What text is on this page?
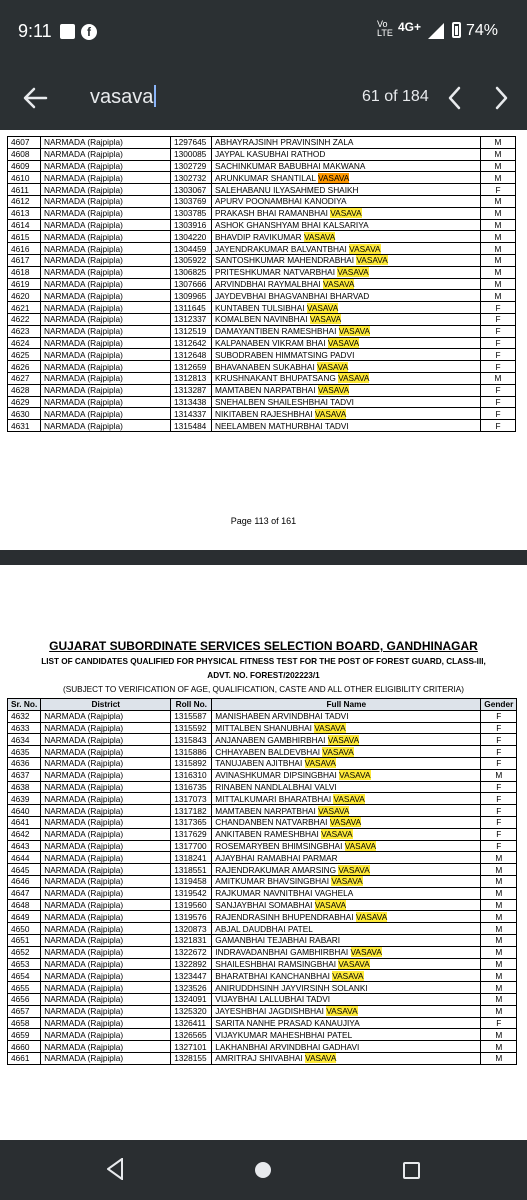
9:11	f
Vo LTE 4G+	74%
vasava	61 of 184
4607	NARMADA (Rajpipla)	1297645	ABHAYRAJSINH PRAVINSINH ZALA	M
4608	NARMADA (Rajpipla)	1300085	JAYPAL KASUBHAI RATHOD	M
4609	NARMADA (Rajpipla)	1302729	SACHINKUMAR BABUBHAI MAKWANA	M
4610	NARMADA (Rajpipla)	1302732	ARUNKUMAR SHANTILAL VASAVA	M
4611	NARMADA (Rajpipla)	1303067	SALEHABANU ILYASAHMED SHAIKH	F
4612	NARMADA (Rajpipla)	1303769	APURV POONAMBHAI KANODIYA	M
4613	NARMADA (Rajpipla)	1303785	PRAKASH BHAI RAMANBHAI VASAVA	M
4614	NARMADA (Rajpipla)	1303916	ASHOK GHANSHYAM BHAI KALSARIYA	M
4615	NARMADA (Rajpipla)	1304220	BHAVDIP RAVIKUMAR VASAVA	M
4616	NARMADA (Rajpipla)	1304459	JAYENDRAKUMAR BALVANTBHAI VASAVA	M
4617	NARMADA (Rajpipla)	1305922	SANTOSHKUMAR MAHENDRABHAI VASAVA	M
4618	NARMADA (Rajpipla)	1306825	PRITESHKUMAR NATVARBHAI VASAVA	M
4619	NARMADA (Rajpipla)	1307666	ARVINDBHAI RAYMALBHAI VASAVA	M
4620	NARMADA (Rajpipla)	1309965	JAYDEVBHAI BHAGVANBHAI BHARVAD	M
4621	NARMADA (Rajpipla)	1311645	KUNTABEN TULSIBHAI VASAVA	F
4622	NARMADA (Rajpipla)	1312337	KOMALBEN NAVINBHAI VASAVA	F
4623	NARMADA (Rajpipla)	1312519	DAMAYANTIBEN RAMESHBHAI VASAVA	F
4624	NARMADA (Rajpipla)	1312642	KALPANABEN VIKRAM BHAI VASAVA	F
4625	NARMADA (Rajpipla)	1312648	SUBODRABEN HIMMATSING PADVI	F
4626	NARMADA (Rajpipla)	1312659	BHAVANABEN SUKABHAI VASAVA	F
4627	NARMADA (Rajpipla)	1312813	KRUSHNAKANT BHUPATSANG VASAVA	M
4628	NARMADA (Rajpipla)	1313287	MAMTABEN NARPATBHAI VASAVA	F
4629	NARMADA (Rajpipla)	1313438	SNEHALBEN SHAILESHBHAI TADVI	F
4630	NARMADA (Rajpipla)	1314337	NIKITABEN RAJESHBHAI VASAVA	F
4631	NARMADA (Rajpipla)	1315484	NEELAMBEN MATHURBHAI TADVI	F
Page 113 of 161
GUJARAT SUBORDINATE SERVICES SELECTION BOARD, GANDHINAGAR
LIST OF CANDIDATES QUALIFIED FOR PHYSICAL FITNESS TEST FOR THE POST OF FOREST GUARD, CLASS-III,
ADVT. NO. FOREST/202223/1
(SUBJECT TO VERIFICATION OF AGE, QUALIFICATION, CASTE AND ALL OTHER ELIGIBILITY CRITERIA)
Sr. No.	District	Roll No.	Full Name	Gender
4632	NARMADA (Rajpipla)	1315587	MANISHABEN ARVINDBHAI TADVI	F
4633	NARMADA (Rajpipla)	1315592	MITTALBEN SHANUBHAI VASAVA	F
4634	NARMADA (Rajpipla)	1315843	ANJANABEN GAMBHIRBHAI VASAVA	F
4635	NARMADA (Rajpipla)	1315886	CHHAYABEN BALDEVBHAI VASAVA	F
4636	NARMADA (Rajpipla)	1315892	TANUJABEN AJITBHAI VASAVA	F
4637	NARMADA (Rajpipla)	1316310	AVINASHKUMAR DIPSINGBHAI VASAVA	M
4638	NARMADA (Rajpipla)	1316735	RINABEN NANDLALBHAI VALVI	F
4639	NARMADA (Rajpipla)	1317073	MITTALKUMARI BHARATBHAI VASAVA	F
4640	NARMADA (Rajpipla)	1317182	MAMTABEN NARPATBHAI VASAVA	F
4641	NARMADA (Rajpipla)	1317365	CHANDANBEN NATVARBHAI VASAVA	F
4642	NARMADA (Rajpipla)	1317629	ANKITABEN RAMESHBHAI VASAVA	F
4643	NARMADA (Rajpipla)	1317700	ROSEMARYBEN BHIMSINGBHAI VASAVA	F
4644	NARMADA (Rajpipla)	1318241	AJAYBHAI RAMABHAI PARMAR	M
4645	NARMADA (Rajpipla)	1318551	RAJENDRAKUMAR AMARSING VASAVA	M
4646	NARMADA (Rajpipla)	1319458	AMITKUMAR BHAVSINGBHAI VASAVA	M
4647	NARMADA (Rajpipla)	1319542	RAJKUMAR NAVNITBHAI VAGHELA	M
4648	NARMADA (Rajpipla)	1319560	SANJAYBHAI SOMABHAI VASAVA	M
4649	NARMADA (Rajpipla)	1319576	RAJENDRASINH BHUPENDRABHAI VASAVA	M
4650	NARMADA (Rajpipla)	1320873	ABJAL DAUDBHAI PATEL	M
4651	NARMADA (Rajpipla)	1321831	GAMANBHAI TEJABHAI RABARI	M
4652	NARMADA (Rajpipla)	1322672	INDRAVADANBHAI GAMBHIRBHAI VASAVA	M
4653	NARMADA (Rajpipla)	1322892	SHAILESHBHAI RAMSINGBHAI VASAVA	M
4654	NARMADA (Rajpipla)	1323447	BHARATBHAI KANCHANBHAI VASAVA	M
4655	NARMADA (Rajpipla)	1323526	ANIRUDDHSINH JAYVIRSINH SOLANKI	M
4656	NARMADA (Rajpipla)	1324091	VIJAYBHAI LALLUBHAI TADVI	M
4657	NARMADA (Rajpipla)	1325320	JAYESHBHAI JAGDISHBHAI VASAVA	M
4658	NARMADA (Rajpipla)	1326411	SARITA NANHE PRASAD KANAUJIYA	F
4659	NARMADA (Rajpipla)	1326565	VIJAYKUMAR MAHESHBHAI PATEL	M
4660	NARMADA (Rajpipla)	1327101	LAKHANBHAI ARVINDBHAI GADHAVI	M
4661	NARMADA (Rajpipla)	1328155	AMRITRAJ SHIVABHAI VASAVA	M
